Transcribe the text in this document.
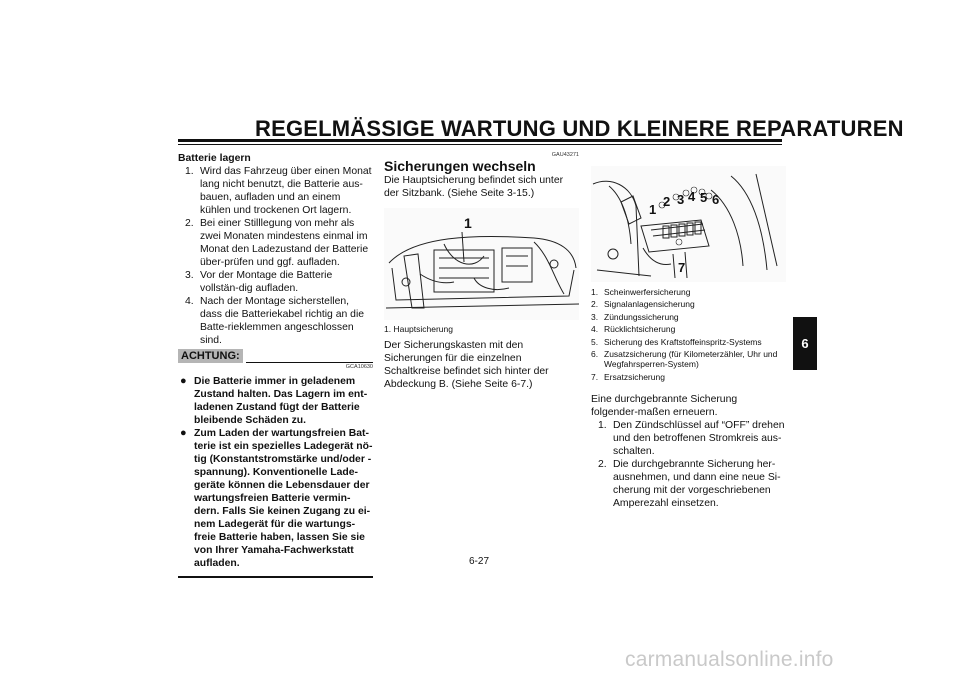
REGELMÄSSIGE WARTUNG UND KLEINERE REPARATUREN
Batterie lagern
1. Wird das Fahrzeug über einen Monat lang nicht benutzt, die Batterie aus-bauen, aufladen und an einem kühlen und trockenen Ort lagern.
2. Bei einer Stilllegung von mehr als zwei Monaten mindestens einmal im Monat den Ladezustand der Batterie über-prüfen und ggf. aufladen.
3. Vor der Montage die Batterie vollstän-dig aufladen.
4. Nach der Montage sicherstellen, dass die Batteriekabel richtig an die Batte-rieklemmen angeschlossen sind.
ACHTUNG:
GCA10630
● Die Batterie immer in geladenem Zustand halten. Das Lagern im ent-ladenen Zustand fügt der Batterie bleibende Schäden zu.
● Zum Laden der wartungsfreien Bat-terie ist ein spezielles Ladegerät nö-tig (Konstantstromstärke und/oder -spannung). Konventionelle Lade-geräte können die Lebensdauer der wartungsfreien Batterie vermin-dern. Falls Sie keinen Zugang zu ei-nem Ladegerät für die wartungs-freie Batterie haben, lassen Sie sie von Ihrer Yamaha-Fachwerkstatt aufladen.
GAU43271
Sicherungen wechseln
Die Hauptsicherung befindet sich unter der Sitzbank. (Siehe Seite 3-15.)
1
1. Hauptsicherung
Der Sicherungskasten mit den Sicherungen für die einzelnen Schaltkreise befindet sich hinter der Abdeckung B. (Siehe Seite 6-7.)
1
2 3 4 5 6
7
1. Scheinwerfersicherung
2. Signalanlagensicherung
3. Zündungssicherung
4. Rücklichtsicherung
5. Sicherung des Kraftstoffeinspritz-Systems
6. Zusatzsicherung (für Kilometerzähler, Uhr und Wegfahrsperren-System)
7. Ersatzsicherung
Eine durchgebrannte Sicherung folgender-maßen erneuern.
1. Den Zündschlüssel auf “OFF” drehen und den betroffenen Stromkreis aus-schalten.
2. Die durchgebrannte Sicherung her-ausnehmen, und dann eine neue Si-cherung mit der vorgeschriebenen Amperezahl einsetzen.
6-27
6
carmanualsonline.info
